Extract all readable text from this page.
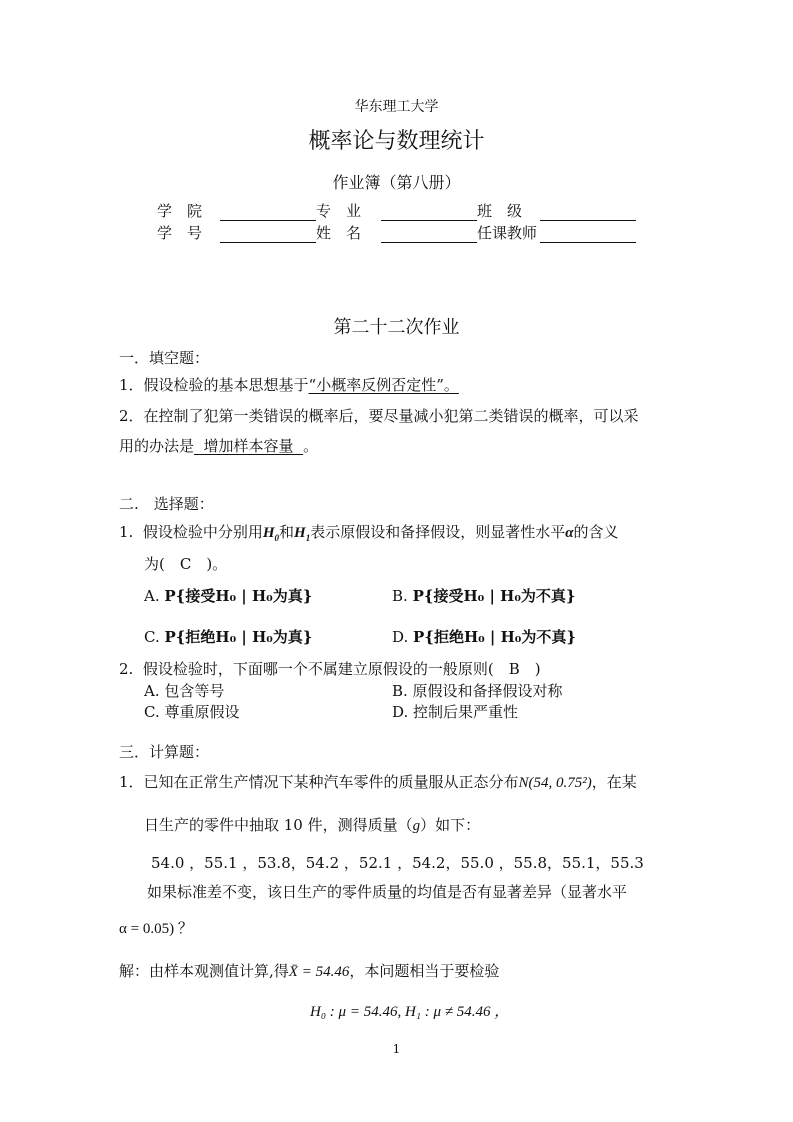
华东理工大学
概率论与数理统计
作业簿（第八册）
学　院	专　业	班　级
学　号	姓　名	任课教师
第二十二次作业
一．填空题：
1．假设检验的基本思想基于“小概率反例否定性”。
2．在控制了犯第一类错误的概率后，要尽量减小犯第二类错误的概率，可以采
用的办法是  增加样本容量  。
二.　选择题：
1.  假设检验中分别用$H_0$和$H_1$表示原假设和备择假设，则显著性水平α的含义
为(　C　)。
A. P{接受H₀ | H₀为真}	B. P{接受H₀ | H₀为不真}
C. P{拒绝H₀ | H₀为真}	D. P{拒绝H₀ | H₀为不真}
2.  假设检验时，下面哪一个不属建立原假设的一般原则(　B　)
A. 包含等号	B. 原假设和备择假设对称
C. 尊重原假设	D. 控制后果严重性
三．计算题：
1．已知在正常生产情况下某种汽车零件的质量服从正态分布N(54, 0.75²)，在某
日生产的零件中抽取 10 件，测得质量（g）如下：
54.0 ，55.1 ，53.8，54.2 ，52.1 ，54.2，55.0 ，55.8，55.1，55.3
如果标准差不变，该日生产的零件质量的均值是否有显著差异（显著水平
α = 0.05) ？
解：由样本观测值计算,得X̄ = 54.46，本问题相当于要检验
H₀ : μ = 54.46, H₁ : μ ≠ 54.46 ，
1
